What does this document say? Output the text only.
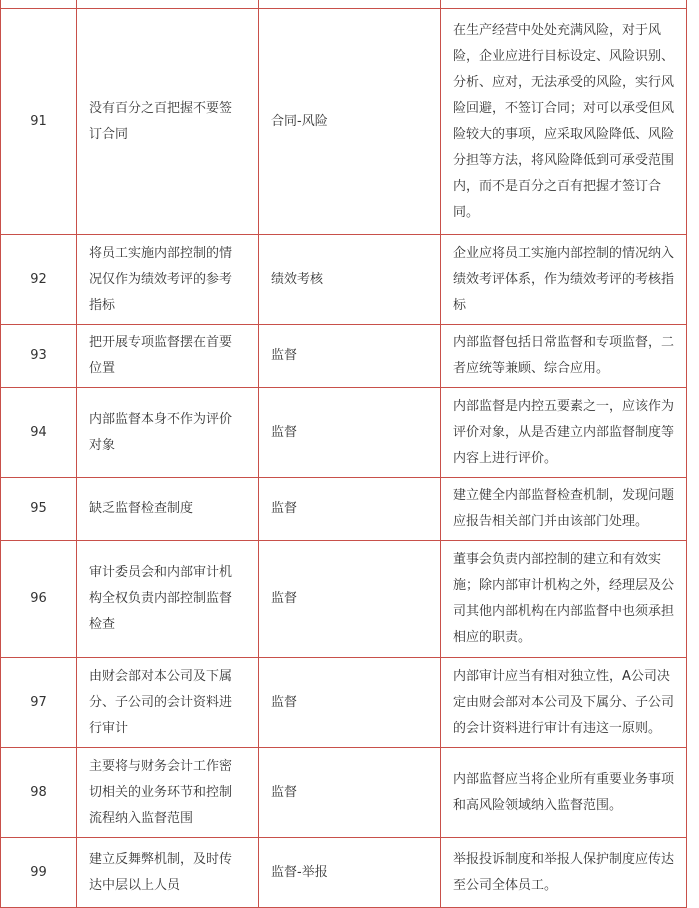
91	没有百分之百把握不要签订合同	合同-风险	在生产经营中处处充满风险，对于风险，企业应进行目标设定、风险识别、分析、应对，无法承受的风险，实行风险回避，不签订合同；对可以承受但风险较大的事项，应采取风险降低、风险分担等方法，将风险降低到可承受范围内，而不是百分之百有把握才签订合同。
92	将员工实施内部控制的情况仅作为绩效考评的参考指标	绩效考核	企业应将员工实施内部控制的情况纳入绩效考评体系，作为绩效考评的考核指标
93	把开展专项监督摆在首要位置	监督	内部监督包括日常监督和专项监督，二者应统等兼顾、综合应用。
94	内部监督本身不作为评价对象	监督	内部监督是内控五要素之一，应该作为评价对象，从是否建立内部监督制度等内容上进行评价。
95	缺乏监督检查制度	监督	建立健全内部监督检查机制，发现问题应报告相关部门并由该部门处理。
96	审计委员会和内部审计机构全权负责内部控制监督检查	监督	董事会负责内部控制的建立和有效实施；除内部审计机构之外，经理层及公司其他内部机构在内部监督中也须承担相应的职责。
97	由财会部对本公司及下属分、子公司的会计资料进行审计	监督	内部审计应当有相对独立性，A公司决定由财会部对本公司及下属分、子公司的会计资料进行审计有违这一原则。
98	主要将与财务会计工作密切相关的业务环节和控制流程纳入监督范围	监督	内部监督应当将企业所有重要业务事项和高风险领域纳入监督范围。
99	建立反舞弊机制，及时传达中层以上人员	监督-举报	举报投诉制度和举报人保护制度应传达至公司全体员工。
